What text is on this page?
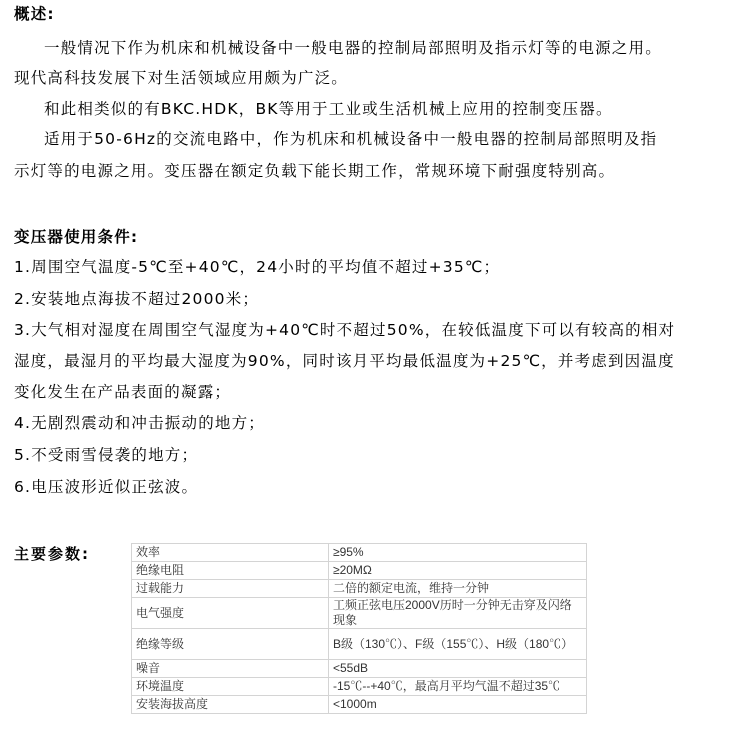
概述:
一般情况下作为机床和机械设备中一般电器的控制局部照明及指示灯等的电源之用。
现代高科技发展下对生活领域应用颇为广泛。
和此相类似的有BKC.HDK，BK等用于工业或生活机械上应用的控制变压器。
适用于50-6Hz的交流电路中，作为机床和机械设备中一般电器的控制局部照明及指
示灯等的电源之用。变压器在额定负载下能长期工作，常规环境下耐强度特别高。
变压器使用条件:
1.周围空气温度-5℃至+40℃，24小时的平均值不超过+35℃；
2.安装地点海拔不超过2000米；
3.大气相对湿度在周围空气湿度为+40℃时不超过50%，在较低温度下可以有较高的相对
湿度，最湿月的平均最大湿度为90%，同时该月平均最低温度为+25℃，并考虑到因温度
变化发生在产品表面的凝露；
4.无剧烈震动和冲击振动的地方；
5.不受雨雪侵袭的地方；
6.电压波形近似正弦波。
主要参数:	效率	≥95%
绝缘电阻	≥20MΩ
过载能力	二倍的额定电流，维持一分钟
电气强度	工频正弦电压2000V历时一分钟无击穿及闪络现象
绝缘等级	B级（130℃）、F级（155℃）、H级（180℃）
噪音	<55dB
环境温度	-15℃--+40℃，最高月平均气温不超过35℃
安装海拔高度	<1000m
